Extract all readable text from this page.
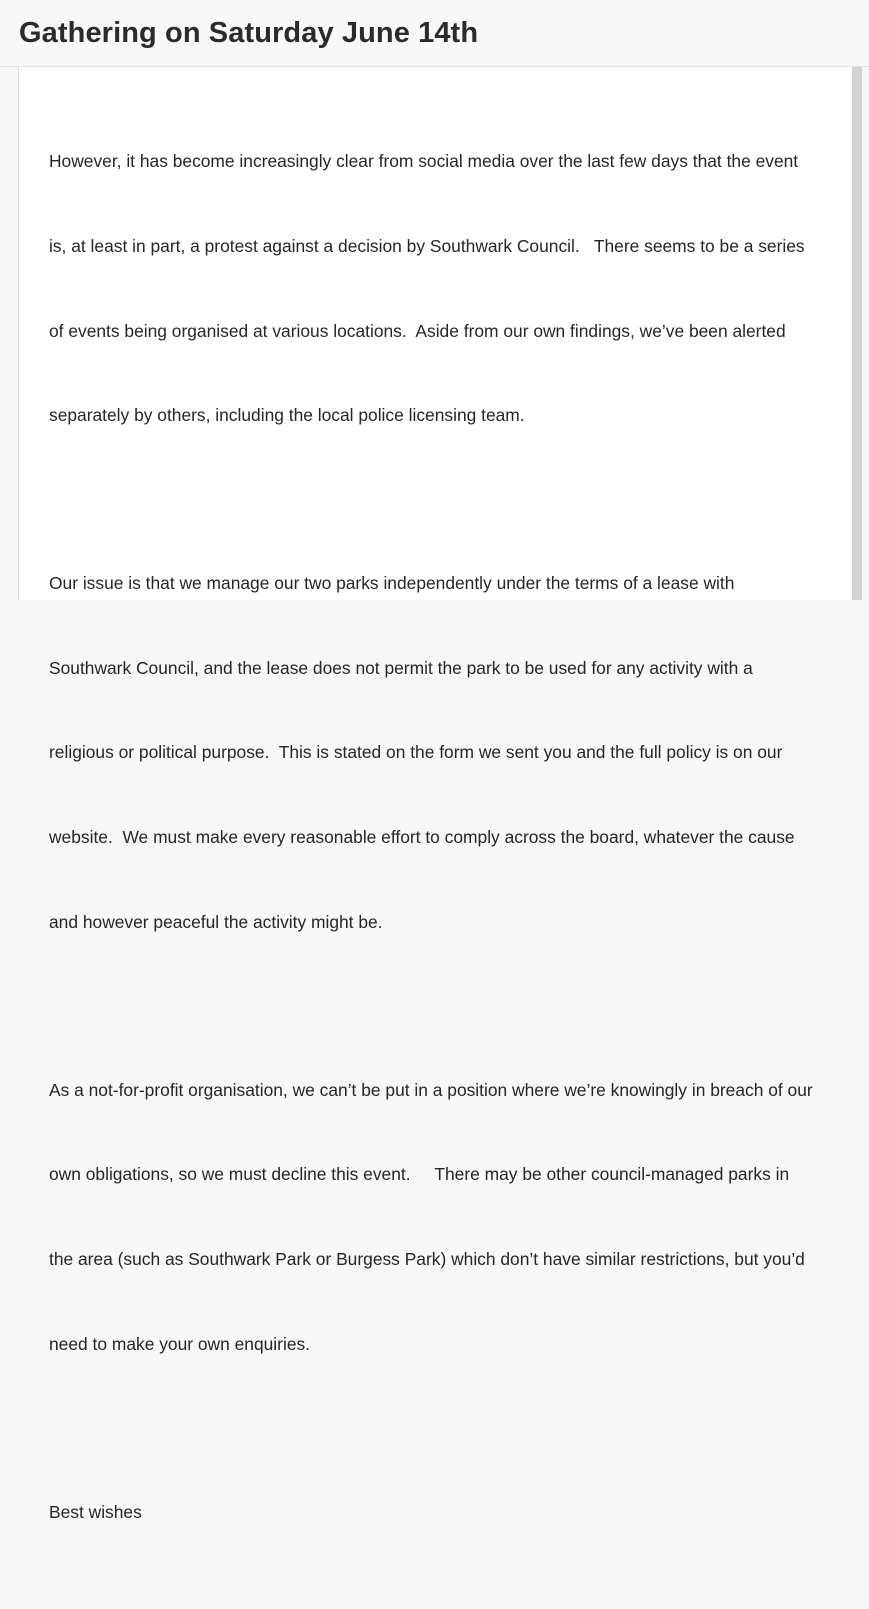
Gathering on Saturday June 14th

However, it has become increasingly clear from social media over the last few days that the event

is, at least in part, a protest against a decision by Southwark Council.   There seems to be a series

of events being organised at various locations.  Aside from our own findings, we’ve been alerted

separately by others, including the local police licensing team.

Our issue is that we manage our two parks independently under the terms of a lease with

Southwark Council, and the lease does not permit the park to be used for any activity with a

religious or political purpose.  This is stated on the form we sent you and the full policy is on our

website.  We must make every reasonable effort to comply across the board, whatever the cause

and however peaceful the activity might be.

As a not-for-profit organisation, we can’t be put in a position where we’re knowingly in breach of our

own obligations, so we must decline this event.     There may be other council-managed parks in

the area (such as Southwark Park or Burgess Park) which don’t have similar restrictions, but you’d

need to make your own enquiries.

Best wishes
